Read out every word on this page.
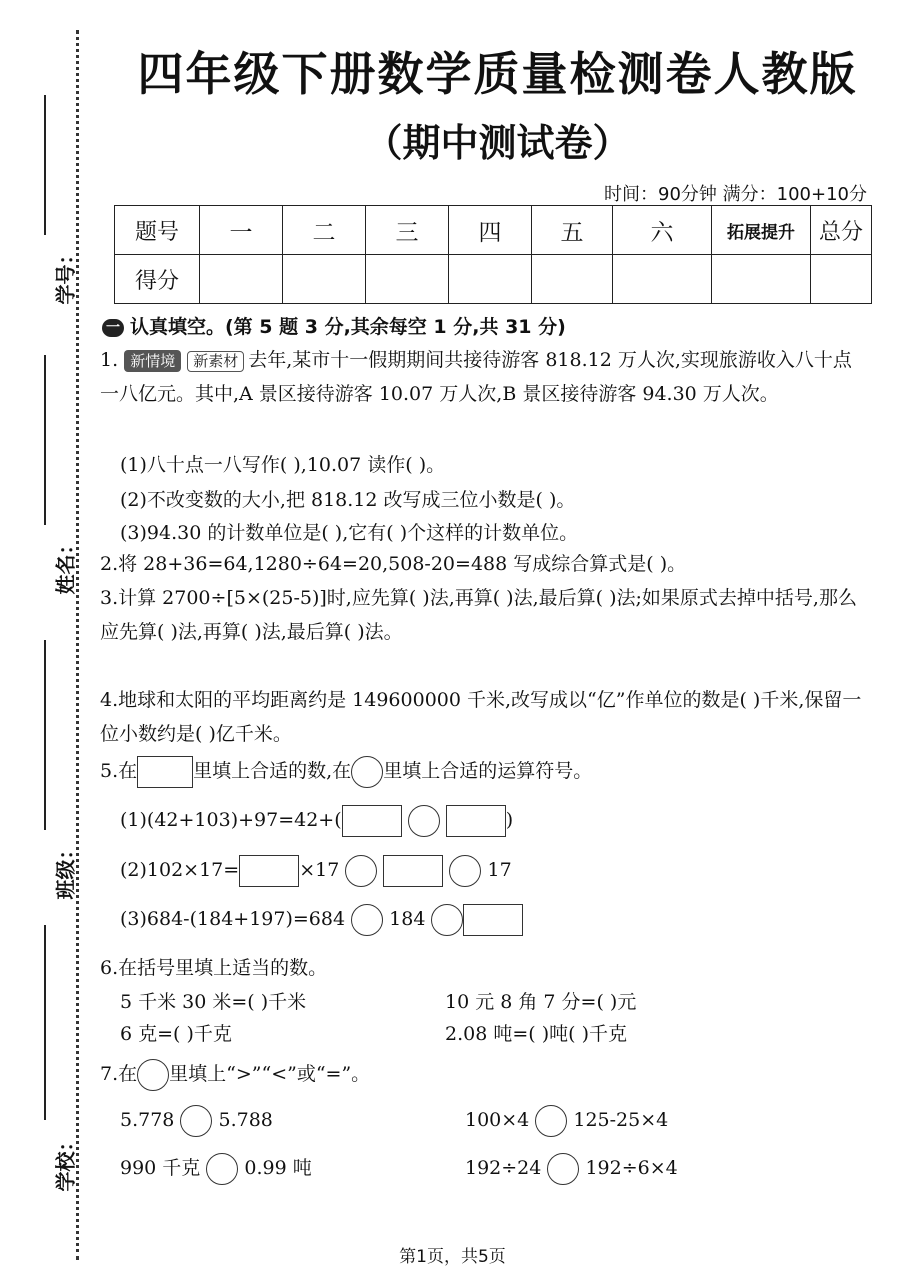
学号：
姓名：
班级：
学校：
四年级下册数学质量检测卷人教版
（期中测试卷）
时间：90分钟 满分：100+10分
题号	一	二	三	四	五	六	拓展提升	总分
得分								
一 认真填空。(第 5 题 3 分,其余每空 1 分,共 31 分)
1. 新情境 新素材 去年,某市十一假期期间共接待游客 818.12 万人次,实现旅游收入八十点一八亿元。其中,A 景区接待游客 10.07 万人次,B 景区接待游客 94.30 万人次。
(1)八十点一八写作( ),10.07 读作( )。
(2)不改变数的大小,把 818.12 改写成三位小数是( )。
(3)94.30 的计数单位是( ),它有( )个这样的计数单位。
2.将 28+36=64,1280÷64=20,508-20=488 写成综合算式是( )。
3.计算 2700÷[5×(25-5)]时,应先算( )法,再算( )法,最后算( )法;如果原式去掉中括号,那么应先算( )法,再算( )法,最后算( )法。
4.地球和太阳的平均距离约是 149600000 千米,改写成以“亿”作单位的数是( )千米,保留一位小数约是( )亿千米。
5.在	里填上合适的数,在 里填上合适的运算符号。
(1)(42+103)+97=42+(	)
(2)102×17=	×17	17
(3)684-(184+197)=684 184
6.在括号里填上适当的数。
5 千米 30 米=( )千米	10 元 8 角 7 分=( )元
6 克=( )千克	2.08 吨=( )吨( )千克
7.在 里填上“>”“<”或“=”。
5.778 5.788	100×4 125-25×4
990 千克 0.99 吨	192÷24 192÷6×4
第1页，共5页
